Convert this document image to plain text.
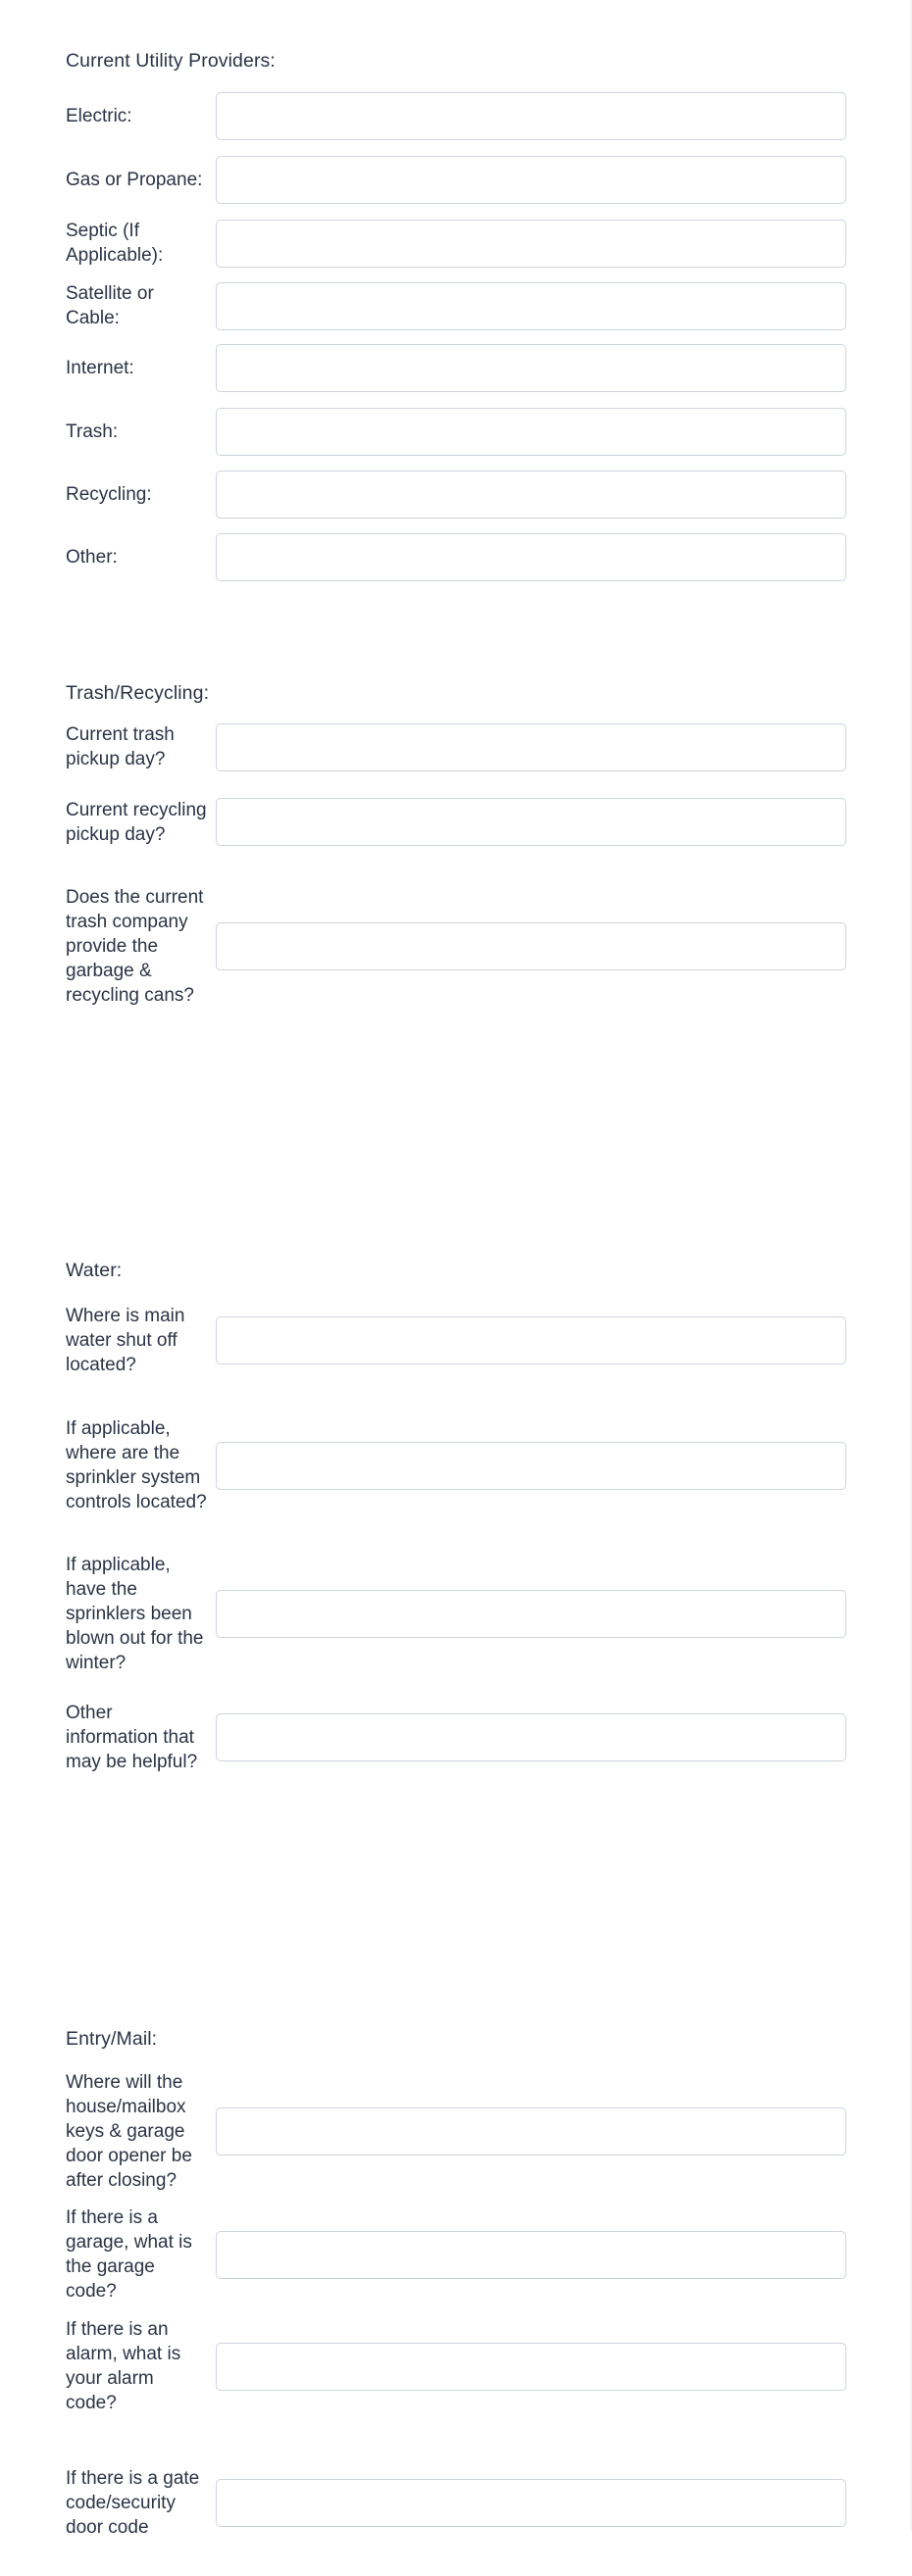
Current Utility Providers:
Electric:
Gas or Propane:
Septic (If Applicable):
Satellite or Cable:
Internet:
Trash:
Recycling:
Other:
Trash/Recycling:
Current trash pickup day?
Current recycling pickup day?
Does the current trash company provide the garbage & recycling cans?
Water:
Where is main water shut off located?
If applicable, where are the sprinkler system controls located?
If applicable, have the sprinklers been blown out for the winter?
Other information that may be helpful?
Entry/Mail:
Where will the house/mailbox keys & garage door opener be after closing?
If there is a garage, what is the garage code?
If there is an alarm, what is your alarm code?
If there is a gate code/security door code
